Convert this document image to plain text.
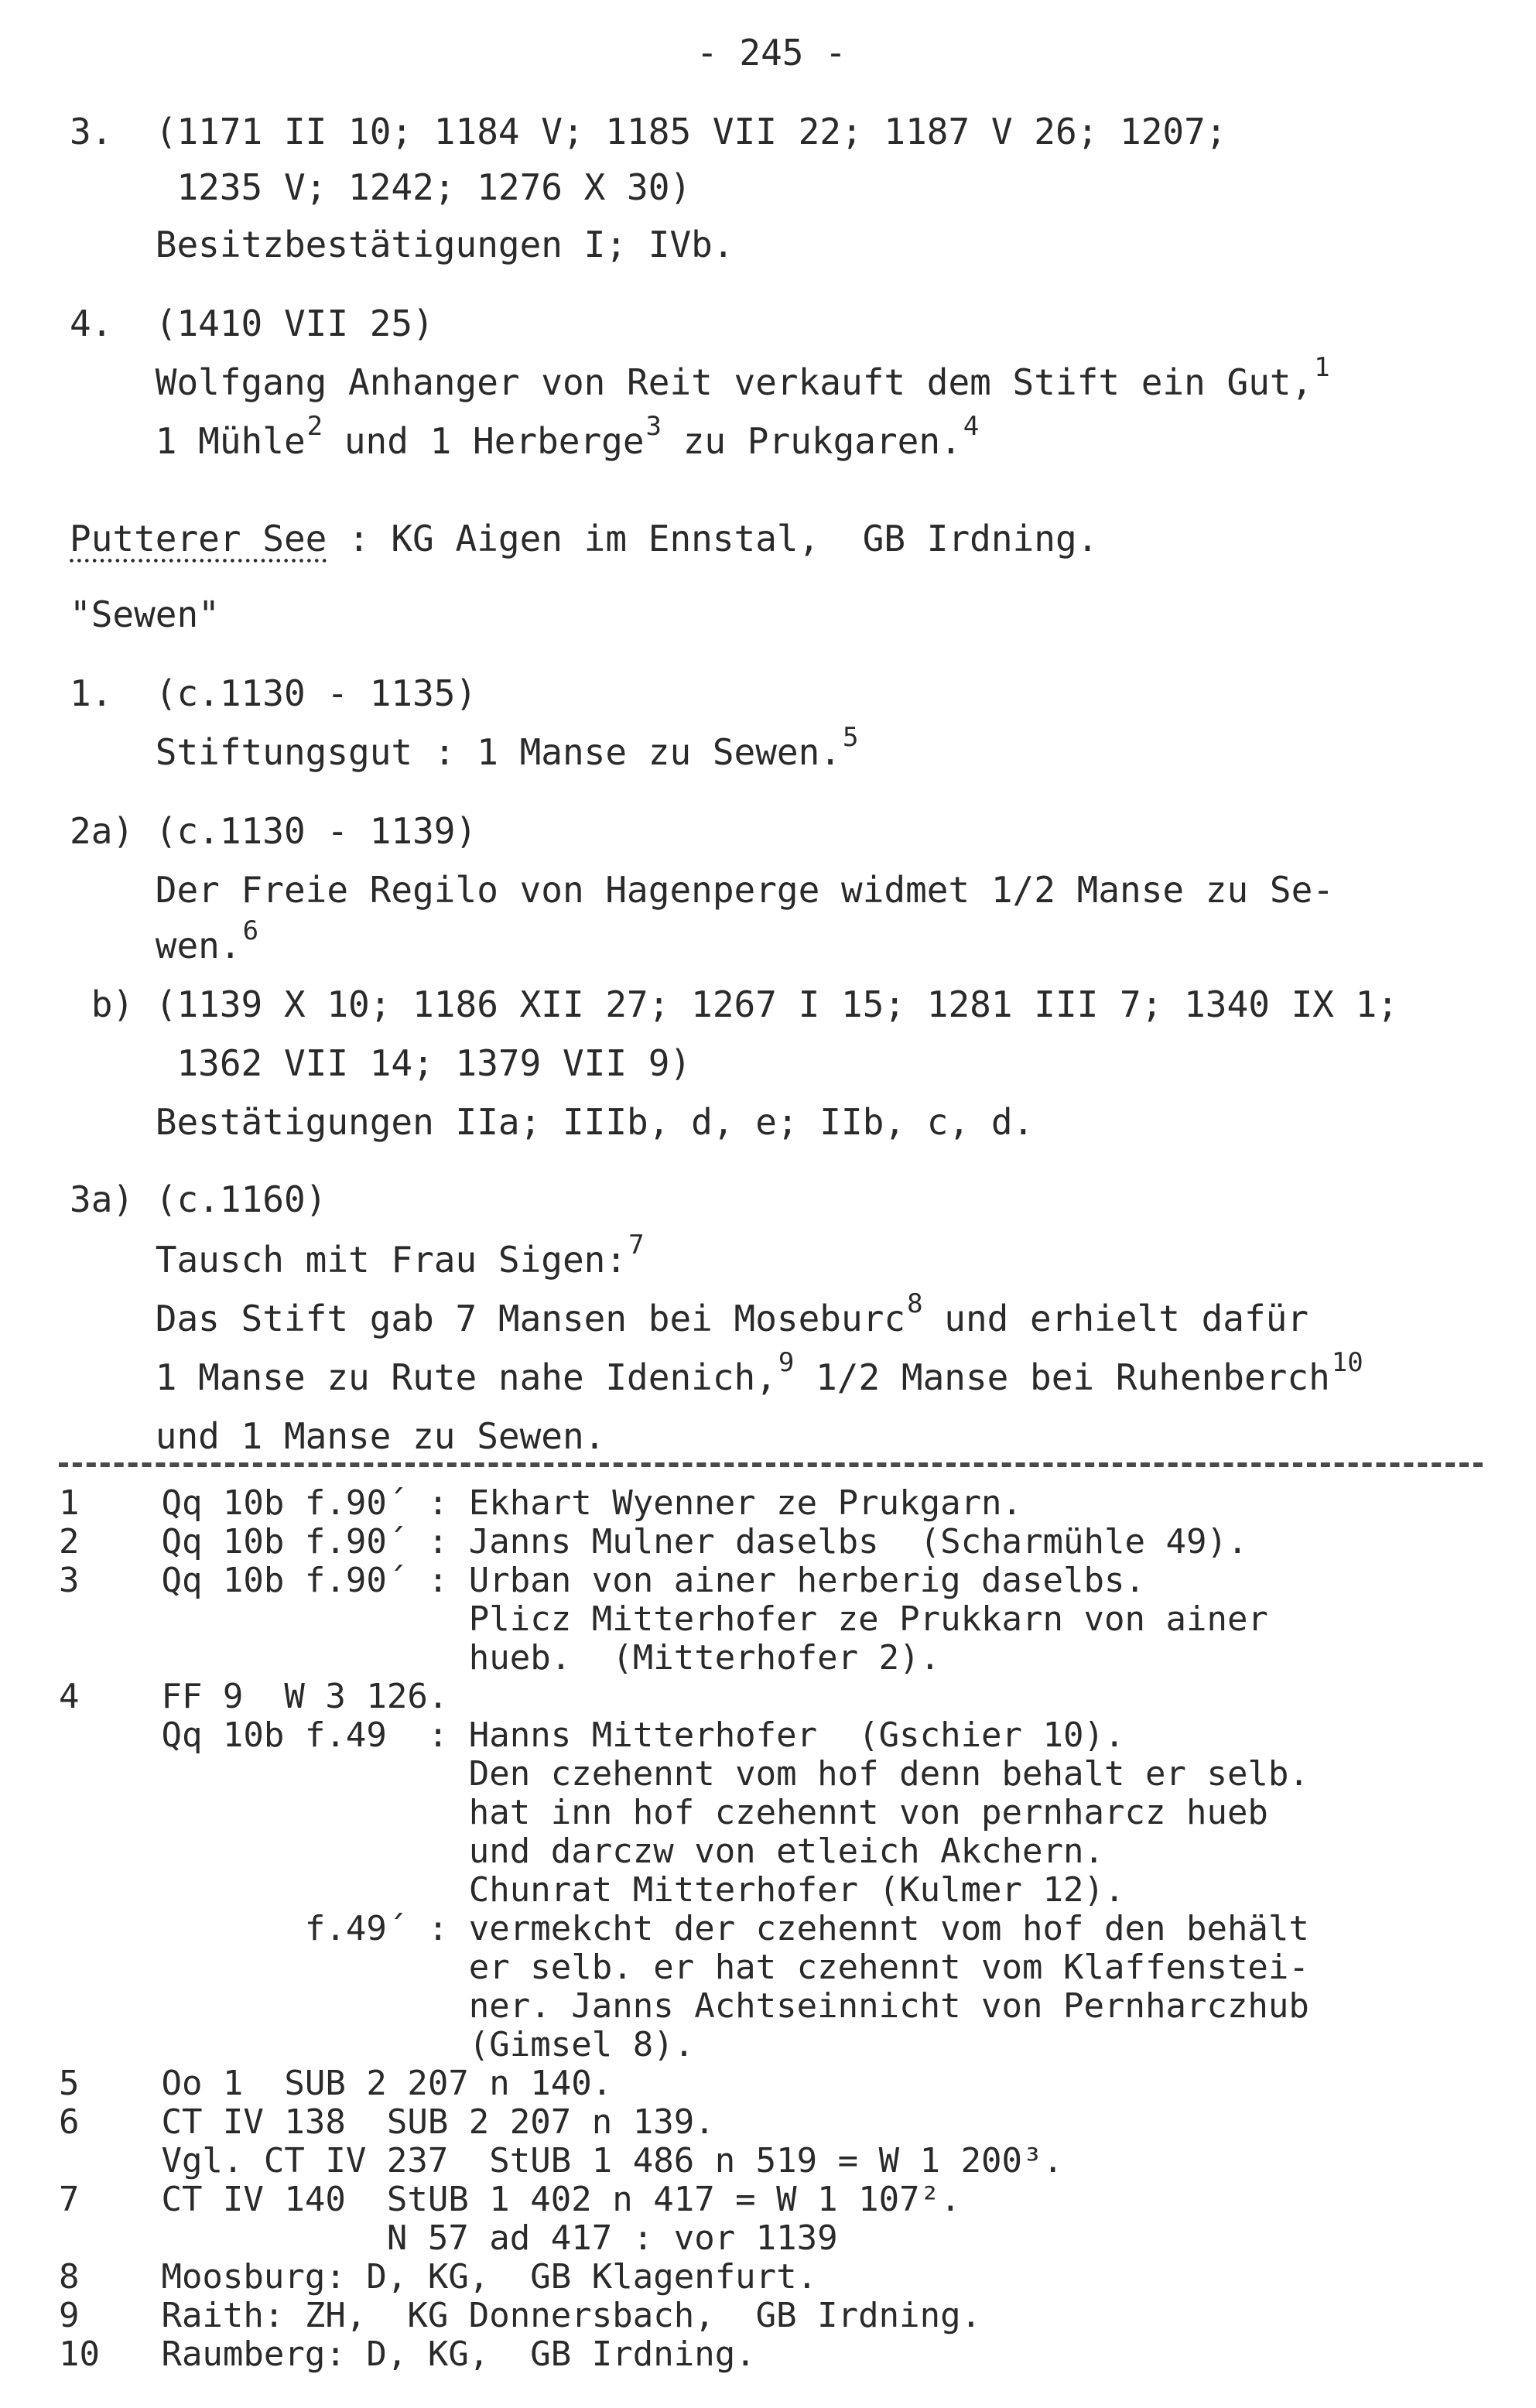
- 245 -
3.  (1171 II 10; 1184 V; 1185 VII 22; 1187 V 26; 1207;
1235 V; 1242; 1276 X 30)
Besitzbestätigungen I; IVb.
4.  (1410 VII 25)
Wolfgang Anhanger von Reit verkauft dem Stift ein Gut,$^1$
1 Mühle$^2$ und 1 Herberge$^3$ zu Prukgaren.$^4$
Putterer See : KG Aigen im Ennstal,  GB Irdning.
"Sewen"
1.  (c.1130 - 1135)
Stiftungsgut : 1 Manse zu Sewen.$^5$
2a) (c.1130 - 1139)
Der Freie Regilo von Hagenperge widmet 1/2 Manse zu Se-
wen.$^6$
b) (1139 X 10; 1186 XII 27; 1267 I 15; 1281 III 7; 1340 IX 1;
1362 VII 14; 1379 VII 9)
Bestätigungen IIa; IIIb, d, e; IIb, c, d.
3a) (c.1160)
Tausch mit Frau Sigen:$^7$
Das Stift gab 7 Mansen bei Moseburc$^8$ und erhielt dafür
1 Manse zu Rute nahe Idenich,$^9$ 1/2 Manse bei Ruhenberch$^{10}$
und 1 Manse zu Sewen.
1    Qq 10b f.90´ : Ekhart Wyenner ze Prukgarn.
2    Qq 10b f.90´ : Janns Mulner daselbs  (Scharmühle 49).
3    Qq 10b f.90´ : Urban von ainer herberig daselbs.
Plicz Mitterhofer ze Prukkarn von ainer
hueb.  (Mitterhofer 2).
4    FF 9  W 3 126.
Qq 10b f.49  : Hanns Mitterhofer  (Gschier 10).
Den czehennt vom hof denn behalt er selb.
hat inn hof czehennt von pernharcz hueb
und darczw von etleich Akchern.
Chunrat Mitterhofer (Kulmer 12).
f.49´ : vermekcht der czehennt vom hof den behält
er selb. er hat czehennt vom Klaffenstei-
ner. Janns Achtseinnicht von Pernharczhub
(Gimsel 8).
5    Oo 1  SUB 2 207 n 140.
6    CT IV 138  SUB 2 207 n 139.
Vgl. CT IV 237  StUB 1 486 n 519 = W 1 200³.
7    CT IV 140  StUB 1 402 n 417 = W 1 107².
N 57 ad 417 : vor 1139
8    Moosburg: D, KG,  GB Klagenfurt.
9    Raith: ZH,  KG Donnersbach,  GB Irdning.
10   Raumberg: D, KG,  GB Irdning.
